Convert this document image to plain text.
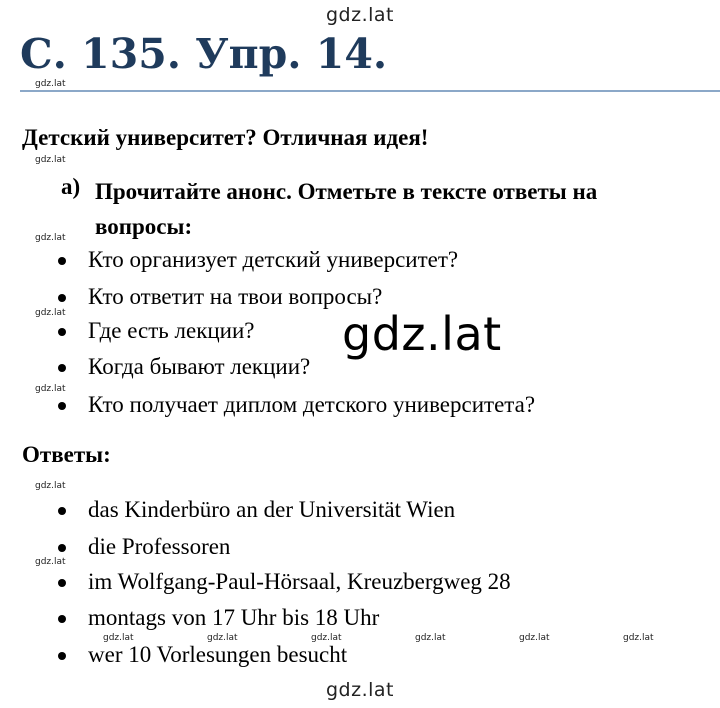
gdz.lat
gdz.lat
gdz.lat
gdz.lat
gdz.lat
gdz.lat
gdz.lat
gdz.lat
gdz.lat
gdz.lat
gdz.lat	gdz.lat	gdz.lat	gdz.lat	gdz.lat	gdz.lat
С. 135. Упр. 14.
Детский университет? Отличная идея!
a) Прочитайте анонс. Отметьте в тексте ответы на вопросы:
Кто организует детский университет?
Кто ответит на твои вопросы?
Где есть лекции?
Когда бывают лекции?
Кто получает диплом детского университета?
Ответы:
das Kinderbüro an der Universität Wien
die Professoren
im Wolfgang-Paul-Hörsaal, Kreuzbergweg 28
montags von 17 Uhr bis 18 Uhr
wer 10 Vorlesungen besucht
